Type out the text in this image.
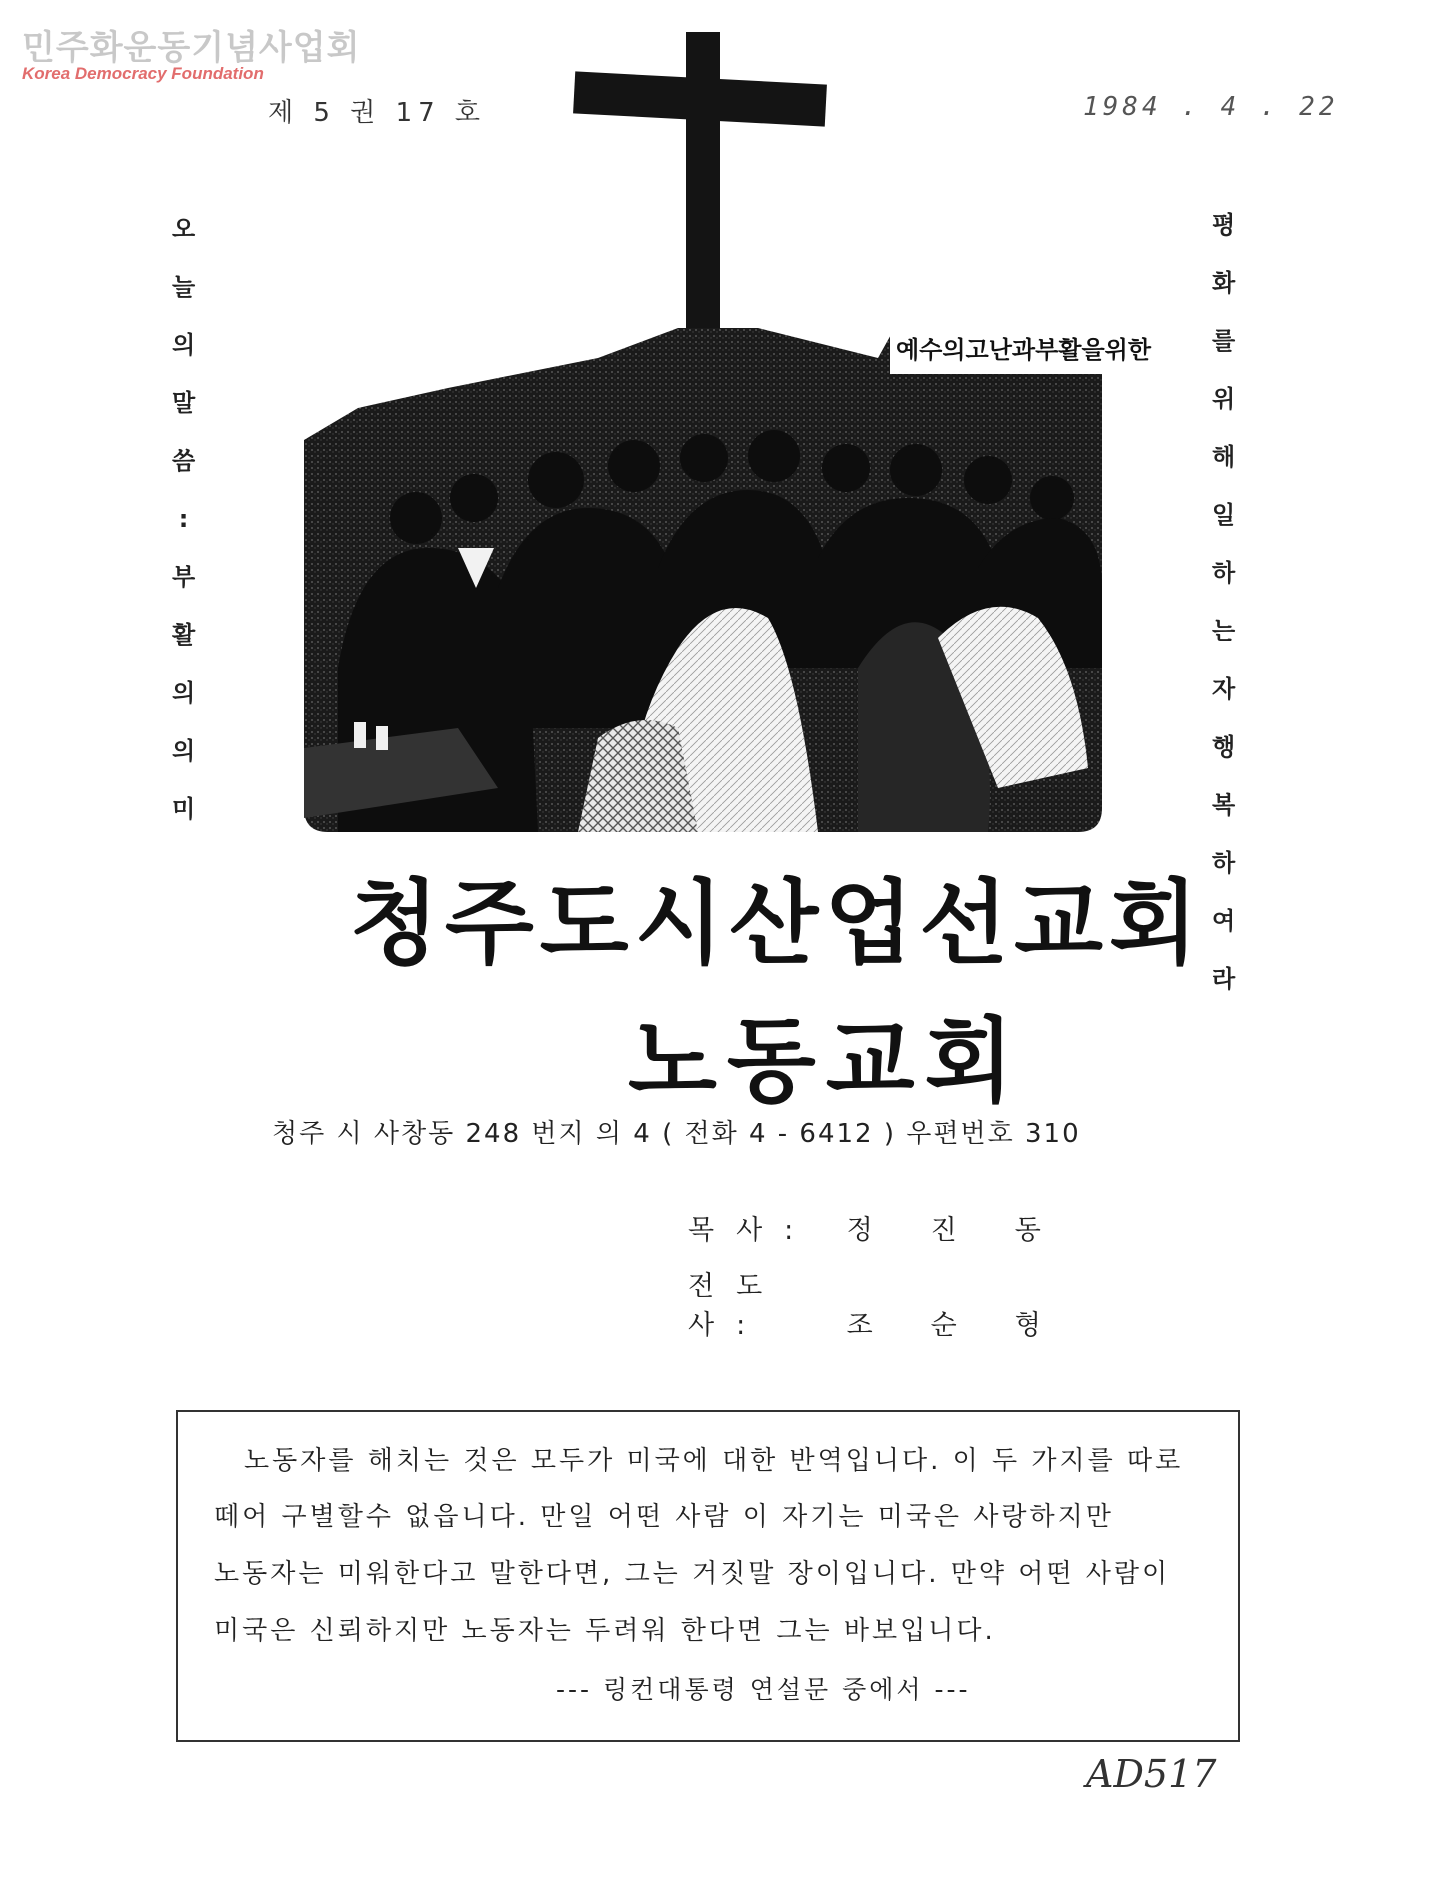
민주화운동기념사업회
Korea Democracy Foundation
제 5 권 17 호	1984 . 4 . 22
오
늘
의
말
씀
:
부
활
의
의
미
평
화
를
위
해
일
하
는
자
행
복
하
여
라
예수의고난과부활을위한
청주도시산업선교회
노동교회
청주 시 사창동 248 번지 의 4 ( 전화 4 - 6412 ) 우편번호 310
목사: 정진동
전도사:	조순형
노동자를 해치는 것은 모두가 미국에 대한 반역입니다. 이 두 가지를 따로
떼어 구별할수 없읍니다. 만일 어떤 사람 이 자기는 미국은 사랑하지만
노동자는 미워한다고 말한다면, 그는 거짓말 장이입니다. 만약 어떤 사람이
미국은 신뢰하지만 노동자는 두려워 한다면 그는 바보입니다.
--- 링컨대통령 연설문 중에서 ---
AD517
